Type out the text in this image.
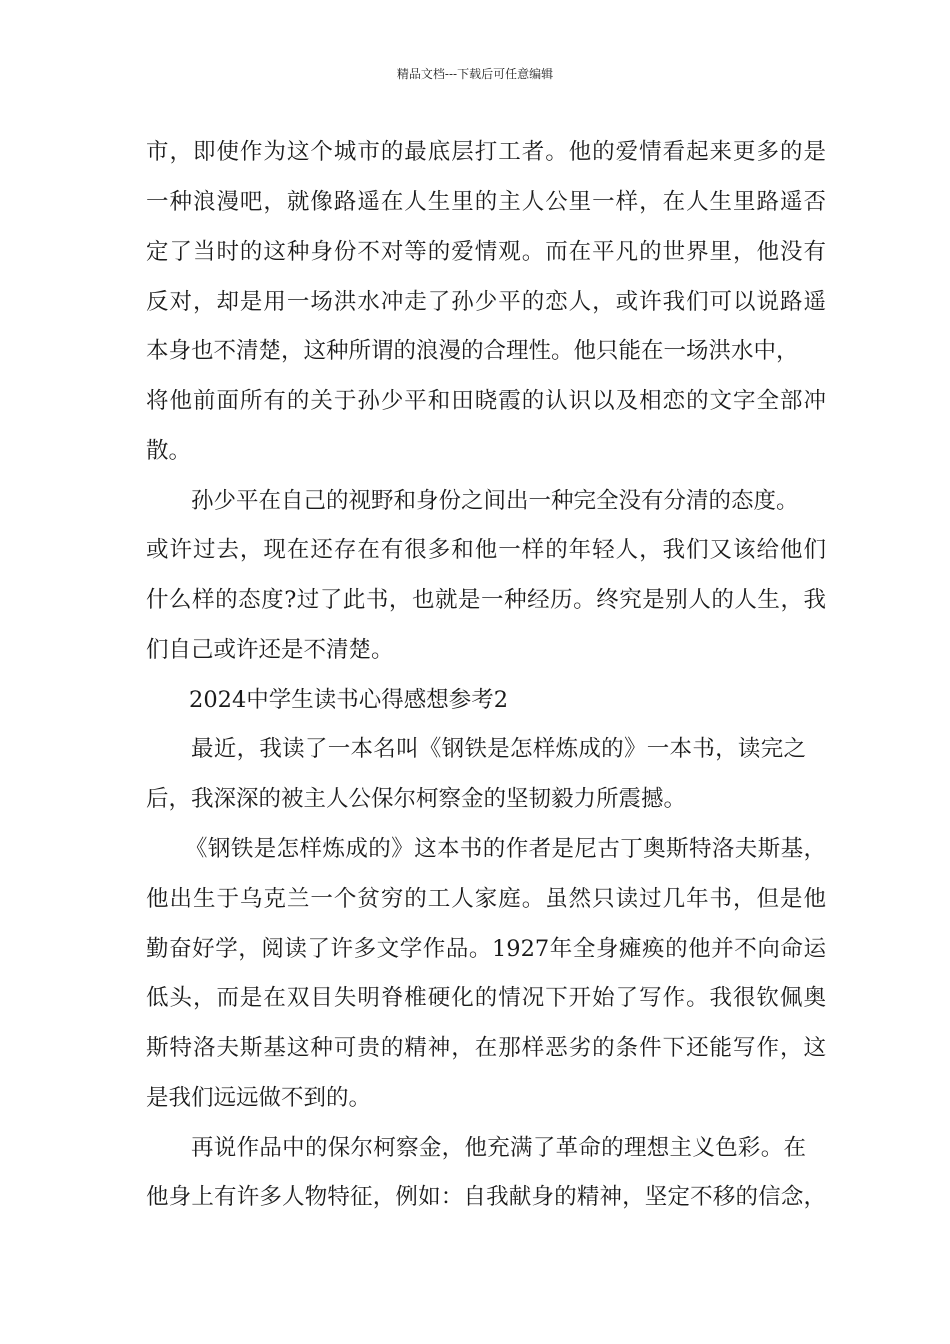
精品文档---下载后可任意编辑
市，即使作为这个城市的最底层打工者。他的爱情看起来更多的是
一种浪漫吧，就像路遥在人生里的主人公里一样，在人生里路遥否
定了当时的这种身份不对等的爱情观。而在平凡的世界里，他没有
反对，却是用一场洪水冲走了孙少平的恋人，或许我们可以说路遥
本身也不清楚，这种所谓的浪漫的合理性。他只能在一场洪水中，
将他前面所有的关于孙少平和田晓霞的认识以及相恋的文字全部冲
散。
孙少平在自己的视野和身份之间出一种完全没有分清的态度。
或许过去，现在还存在有很多和他一样的年轻人，我们又该给他们
什么样的态度?过了此书，也就是一种经历。终究是别人的人生，我
们自己或许还是不清楚。
2024中学生读书心得感想参考2
最近，我读了一本名叫《钢铁是怎样炼成的》一本书，读完之
后，我深深的被主人公保尔柯察金的坚韧毅力所震撼。
《钢铁是怎样炼成的》这本书的作者是尼古丁奥斯特洛夫斯基，
他出生于乌克兰一个贫穷的工人家庭。虽然只读过几年书，但是他
勤奋好学，阅读了许多文学作品。1927年全身瘫痪的他并不向命运
低头，而是在双目失明脊椎硬化的情况下开始了写作。我很钦佩奥
斯特洛夫斯基这种可贵的精神，在那样恶劣的条件下还能写作，这
是我们远远做不到的。
再说作品中的保尔柯察金，他充满了革命的理想主义色彩。在
他身上有许多人物特征，例如：自我献身的精神，坚定不移的信念，
